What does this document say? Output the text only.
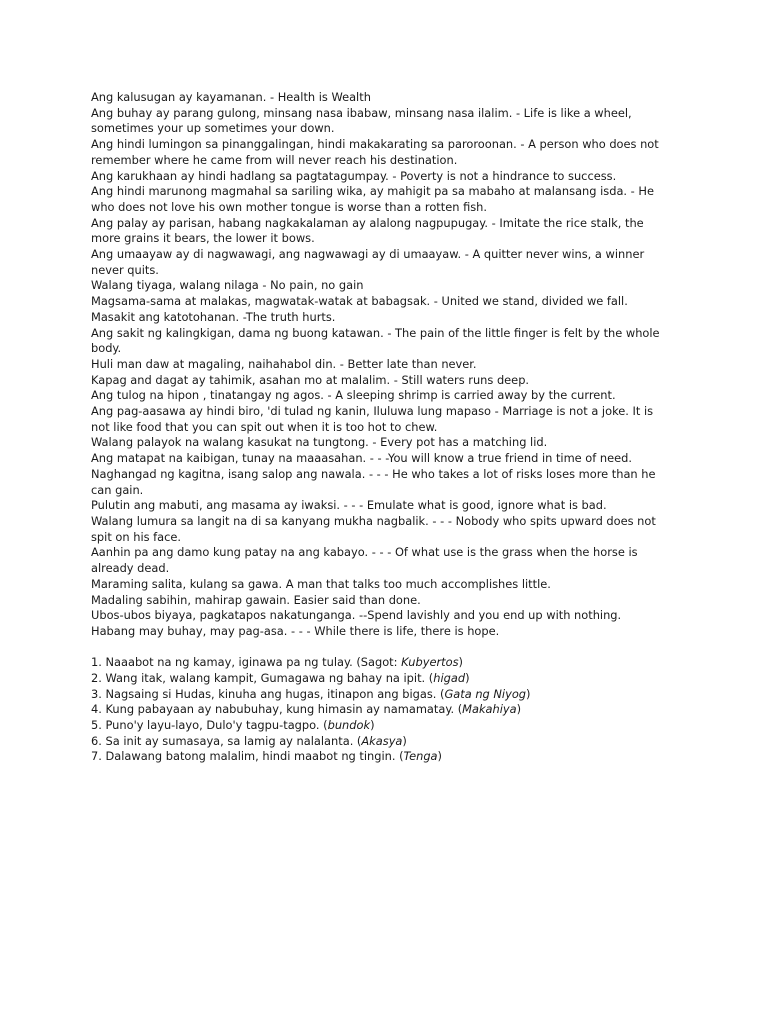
Ang kalusugan ay kayamanan. - Health is Wealth

Ang buhay ay parang gulong, minsang nasa ibabaw, minsang nasa ilalim. - Life is like a wheel, sometimes your up sometimes your down.

Ang hindi lumingon sa pinanggalingan, hindi makakarating sa paroroonan. - A person who does not remember where he came from will never reach his destination.

Ang karukhaan ay hindi hadlang sa pagtatagumpay. - Poverty is not a hindrance to success.

Ang hindi marunong magmahal sa sariling wika, ay mahigit pa sa mabaho at malansang isda. - He who does not love his own mother tongue is worse than a rotten fish.

Ang palay ay parisan, habang nagkakalaman ay alalong nagpupugay. - Imitate the rice stalk, the more grains it bears, the lower it bows.

Ang umaayaw ay di nagwawagi, ang nagwawagi ay di umaayaw. - A quitter never wins, a winner never quits.

Walang tiyaga, walang nilaga - No pain, no gain

Magsama-sama at malakas, magwatak-watak at babagsak. - United we stand, divided we fall.

Masakit ang katotohanan. -The truth hurts.

Ang sakit ng kalingkigan, dama ng buong katawan. - The pain of the little finger is felt by the whole body.

Huli man daw at magaling, naihahabol din. - Better late than never.

Kapag and dagat ay tahimik, asahan mo at malalim. - Still waters runs deep.

Ang tulog na hipon , tinatangay ng agos. - A sleeping shrimp is carried away by the current.

Ang pag-aasawa ay hindi biro, 'di tulad ng kanin, Iluluwa lung mapaso - Marriage is not a joke. It is not like food that you can spit out when it is too hot to chew.

Walang palayok na walang kasukat na tungtong. - Every pot has a matching lid.

Ang matapat na kaibigan, tunay na maaasahan. - - -You will know a true friend in time of need.

Naghangad ng kagitna, isang salop ang nawala. - - - He who takes a lot of risks loses more than he can gain.

Pulutin ang mabuti, ang masama ay iwaksi. - - - Emulate what is good, ignore what is bad.

Walang lumura sa langit na di sa kanyang mukha nagbalik. - - - Nobody who spits upward does not spit on his face.

Aanhin pa ang damo kung patay na ang kabayo. - - - Of what use is the grass when the horse is already dead.

Maraming salita, kulang sa gawa. A man that talks too much accomplishes little.

Madaling sabihin, mahirap gawain. Easier said than done.

Ubos-ubos biyaya, pagkatapos nakatunganga. --Spend lavishly and you end up with nothing.

Habang may buhay, may pag-asa. - - - While there is life, there is hope.

1. Naaabot na ng kamay, iginawa pa ng tulay. (Sagot: Kubyertos)

2. Wang itak, walang kampit, Gumagawa ng bahay na ipit. (higad)

3. Nagsaing si Hudas, kinuha ang hugas, itinapon ang bigas. (Gata ng Niyog)

4. Kung pabayaan ay nabubuhay, kung himasin ay namamatay. (Makahiya)

5. Puno'y layu-layo, Dulo'y tagpu-tagpo. (bundok)

6. Sa init ay sumasaya, sa lamig ay nalalanta. (Akasya)

7. Dalawang batong malalim, hindi maabot ng tingin. (Tenga)
